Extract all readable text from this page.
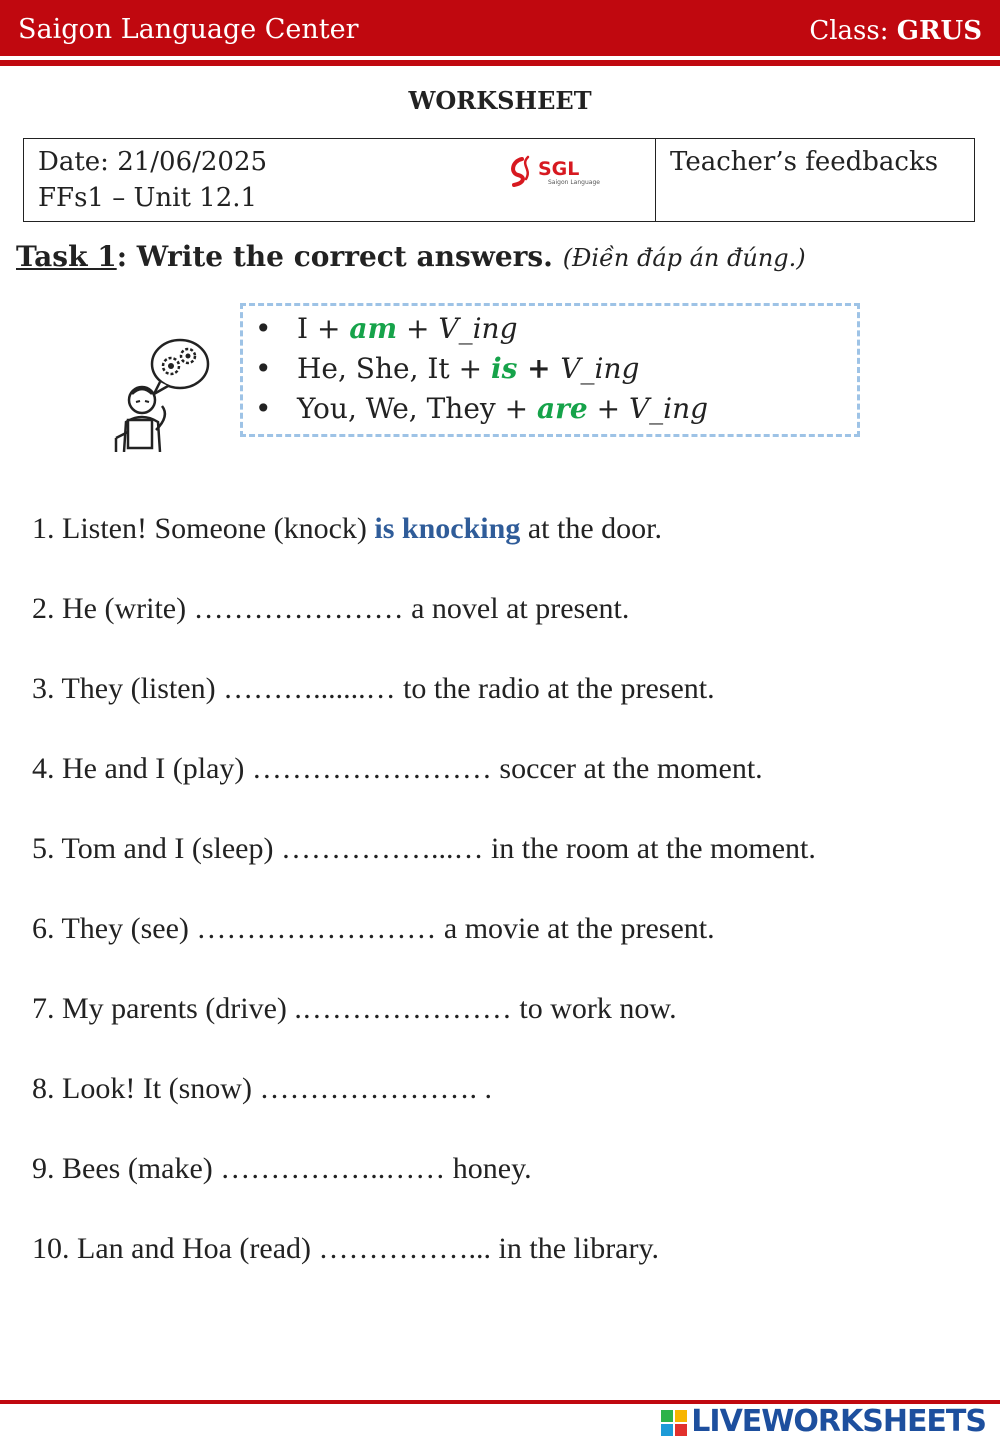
Saigon Language Center	Class: GRUS
WORKSHEET
Date: 21/06/2025
FFs1 – Unit 12.1
SGL
Saigon Language
Teacher’s feedbacks
Task 1: Write the correct answers. (Điền đáp án đúng.)
• I + am + V_ing
• He, She, It + is + V_ing
• You, We, They + are + V_ing
1. Listen! Someone (knock) is knocking at the door.
2. He (write) ………………… a novel at present.
3. They (listen) ……….......… to the radio at the present.
4. He and I (play) …………………… soccer at the moment.
5. Tom and I (sleep) ……………...… in the room at the moment.
6. They (see) …………………… a movie at the present.
7. My parents (drive) .………………… to work now.
8. Look! It (snow) …………………. .
9. Bees (make) ……………..…… honey.
10. Lan and Hoa (read) ……………... in the library.
LIVEWORKSHEETS
